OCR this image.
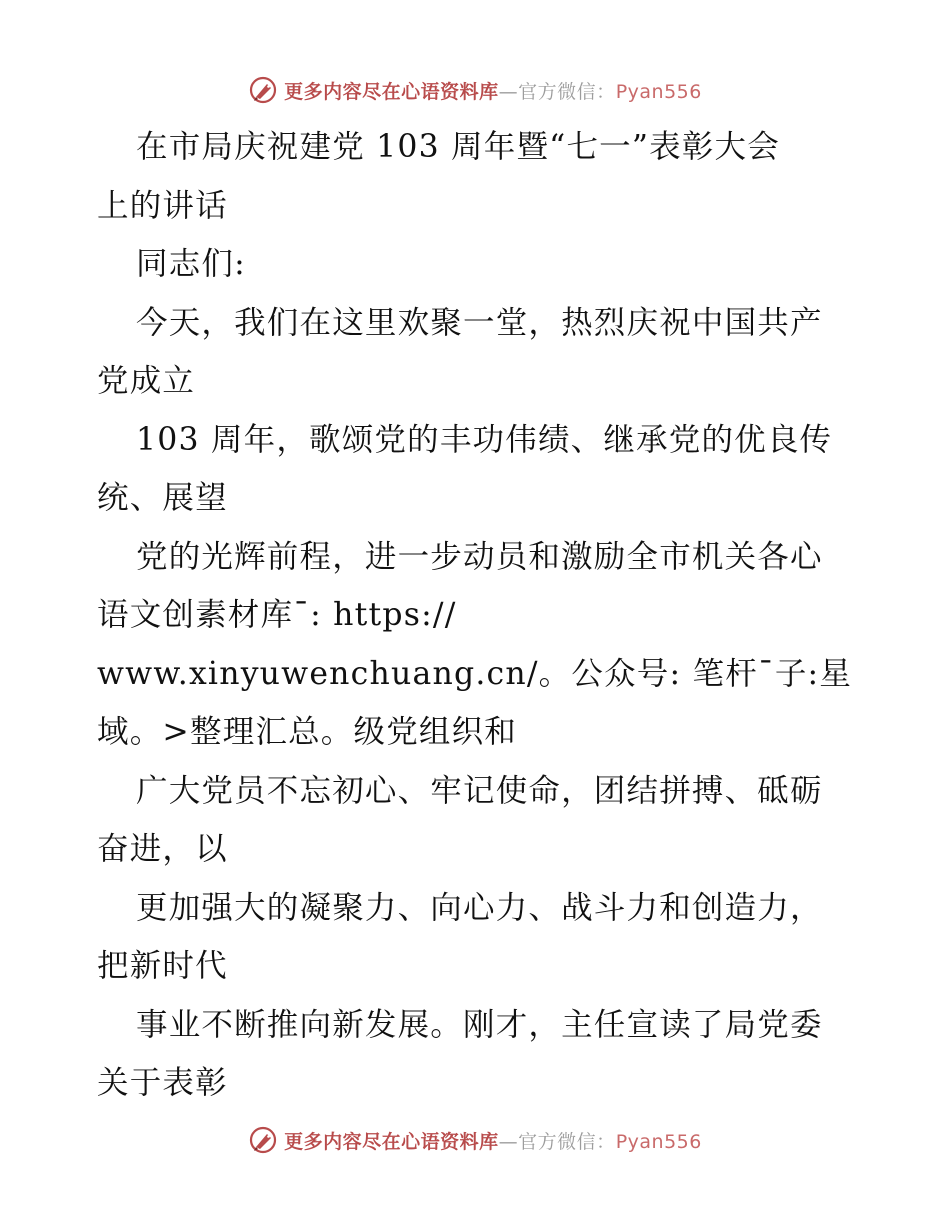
更多内容尽在心语资料库—官方微信：Pyan556
在市局庆祝建党 103 周年暨“七一”表彰大会
上的讲话
同志们:
今天，我们在这里欢聚一堂，热烈庆祝中国共产
党成立
103 周年，歌颂党的丰功伟绩、继承党的优良传
统、展望
党的光辉前程，进一步动员和激励全市机关各心
语文创素材库¯: https://
www.xinyuwenchuang.cn/。公众号: 笔杆¯子:星
域。>整理汇总。级党组织和
广大党员不忘初心、牢记使命，团结拼搏、砥砺
奋进，以
更加强大的凝聚力、向心力、战斗力和创造力，
把新时代
事业不断推向新发展。刚才，主任宣读了局党委
关于表彰
更多内容尽在心语资料库—官方微信：Pyan556
